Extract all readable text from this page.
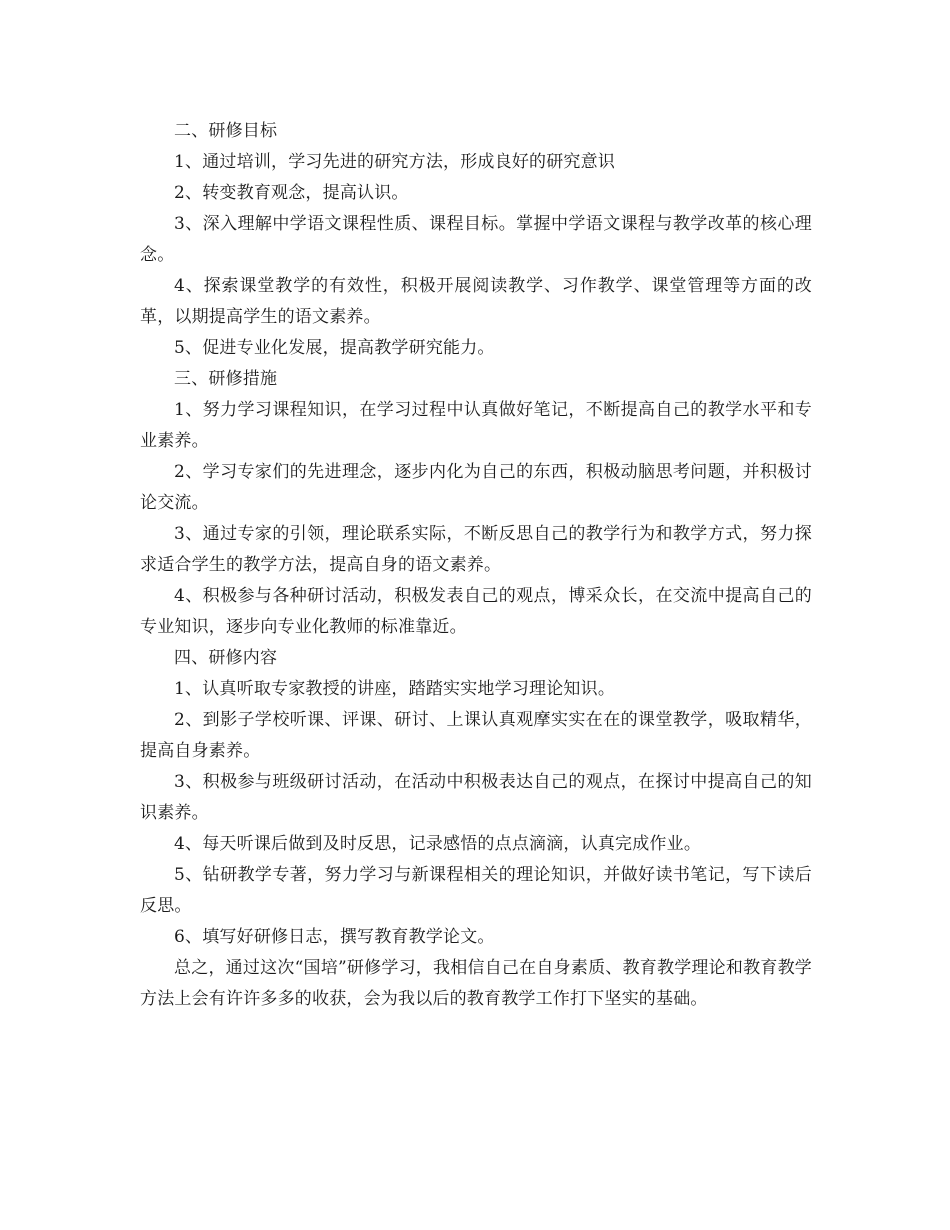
二、研修目标

1、通过培训，学习先进的研究方法，形成良好的研究意识

2、转变教育观念，提高认识。

3、深入理解中学语文课程性质、课程目标。掌握中学语文课程与教学改革的核心理念。

4、探索课堂教学的有效性，积极开展阅读教学、习作教学、课堂管理等方面的改革，以期提高学生的语文素养。

5、促进专业化发展，提高教学研究能力。

三、研修措施

1、努力学习课程知识，在学习过程中认真做好笔记，不断提高自己的教学水平和专业素养。

2、学习专家们的先进理念，逐步内化为自己的东西，积极动脑思考问题，并积极讨论交流。

3、通过专家的引领，理论联系实际，不断反思自己的教学行为和教学方式，努力探求适合学生的教学方法，提高自身的语文素养。

4、积极参与各种研讨活动，积极发表自己的观点，博采众长，在交流中提高自己的专业知识，逐步向专业化教师的标准靠近。

四、研修内容

1、认真听取专家教授的讲座，踏踏实实地学习理论知识。

2、到影子学校听课、评课、研讨、上课认真观摩实实在在的课堂教学，吸取精华，提高自身素养。

3、积极参与班级研讨活动，在活动中积极表达自己的观点，在探讨中提高自己的知识素养。

4、每天听课后做到及时反思，记录感悟的点点滴滴，认真完成作业。

5、钻研教学专著，努力学习与新课程相关的理论知识，并做好读书笔记，写下读后反思。

6、填写好研修日志，撰写教育教学论文。

总之，通过这次“国培”研修学习，我相信自己在自身素质、教育教学理论和教育教学方法上会有许许多多的收获，会为我以后的教育教学工作打下坚实的基础。
